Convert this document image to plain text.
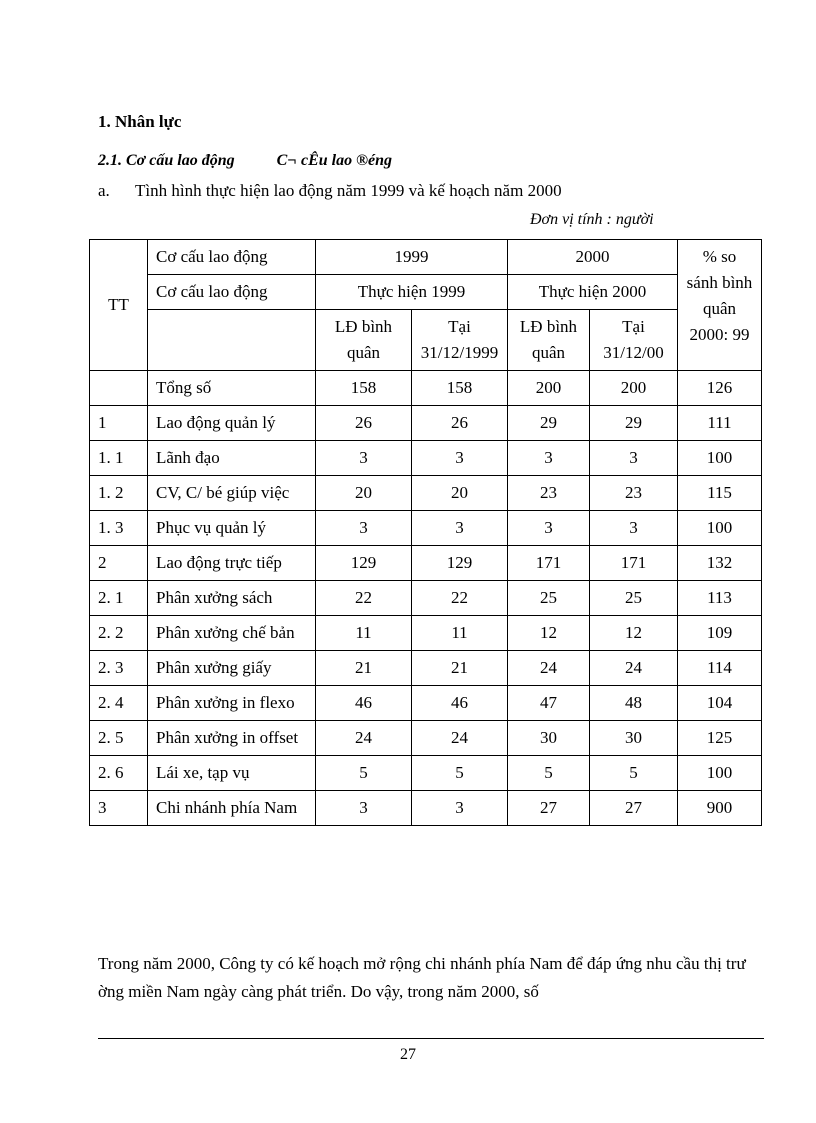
1. Nhân lực
2.1. Cơ cấu lao động	C¬ cÊu lao ®éng
a. Tình hình thực hiện lao động năm 1999 và kế hoạch năm 2000
Đơn vị tính : người
TT	Cơ cấu lao động	1999		2000		% so sánh bình quân 2000: 99
	Cơ cấu lao động	Thực hiện 1999		Thực hiện 2000		
		LĐ bình quân	Tại 31/12/1999	LĐ bình quân	Tại 31/12/00	
	Tổng số	158	158	200	200	126
1	Lao động quản lý	26	26	29	29	111
1. 1	Lãnh đạo	3	3	3	3	100
1. 2	CV, C/ bé giúp việc	20	20	23	23	115
1. 3	Phục vụ quản lý	3	3	3	3	100
2	Lao động trực tiếp	129	129	171	171	132
2. 1	Phân xưởng sách	22	22	25	25	113
2. 2	Phân xưởng chế bản	11	11	12	12	109
2. 3	Phân xưởng giấy	21	21	24	24	114
2. 4	Phân xưởng in flexo	46	46	47	48	104
2. 5	Phân xưởng in offset	24	24	30	30	125
2. 6	Lái xe, tạp vụ	5	5	5	5	100
3	Chi nhánh phía Nam	3	3	27	27	900
Trong năm 2000, Công ty có kế hoạch mở rộng chi nhánh phía Nam để đáp ứng nhu cầu thị trư ờng miền Nam ngày càng phát triển. Do vậy, trong năm 2000, số
27
